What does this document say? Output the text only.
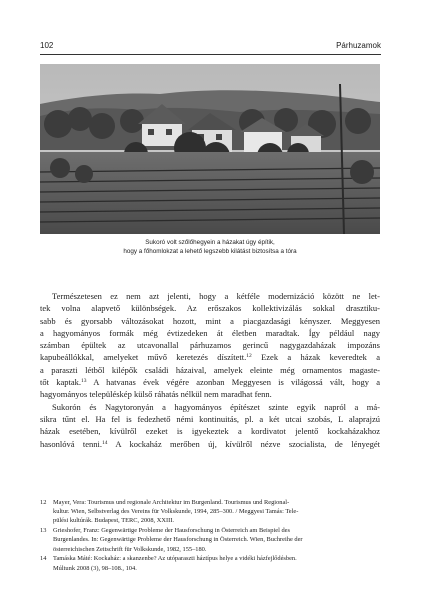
102	Párhuzamok
Sukoró volt szőlőhegyein a házakat úgy építik,
hogy a főhomlokzat a lehető legszebb kilátást biztosítsa a tóra
Természetesen ez nem azt jelenti, hogy a kétféle modernizáció között ne let-
tek volna alapvető különbségek. Az erőszakos kollektivizálás sokkal drasztiku-
sabb és gyorsabb változásokat hozott, mint a piacgazdasági kényszer. Meggyesen
a hagyományos formák még évtizedeken át életben maradtak. Így például nagy
számban épültek az utcavonallal párhuzamos gerincű nagygazdaházak impozáns
kapubeállókkal, amelyeket művő keretezés díszített.$^{12}$ Ezek a házak keveredtek a
a paraszti létből kilépők családi házaival, amelyek eleinte még ornamentos magaste-
tőt kaptak.$^{13}$ A hatvanas évek végére azonban Meggyesen is világossá vált, hogy a
hagyományos településkép külső ráhatás nélkül nem maradhat fenn.
Sukorón és Nagytoronyán a hagyományos építészet szinte egyik napról a má-
sikra tűnt el. Ha fel is fedezhető némi kontinuitás, pl. a két utcai szobás, L alaprajzú
házak esetében, kívülről ezeket is igyekeztek a kordivatot jelentő kockaházakhoz
hasonlóvá tenni.$^{14}$ A kockaház merőben új, kívülről nézve szocialista, de lényegét
12 Mayer, Vera: Tourismus und regionale Architektur im Burgenland. Tourismus und Regional-
kultur. Wien, Selbstverlag des Vereins für Volkskunde, 1994, 285–300. / Meggyesi Tamás: Tele-
pülési kultúrák. Budapest, TERC, 2008, XXIII.
13 Grieshofer, Franz: Gegenwärtige Probleme der Hausforschung in Österreich am Beispiel des
Burgenlandes. In: Gegenwärtige Probleme der Hausforschung in Österreich. Wien, Buchreihe der
österreichischen Zeitschrift für Volkskunde, 1982, 155–180.
14 Tamáska Máté: Kockaház: a skanzenbe? Az utóparaszti háztípus helye a vidéki házfejlődésben.
Múltunk 2008 (3), 98–108., 104.
